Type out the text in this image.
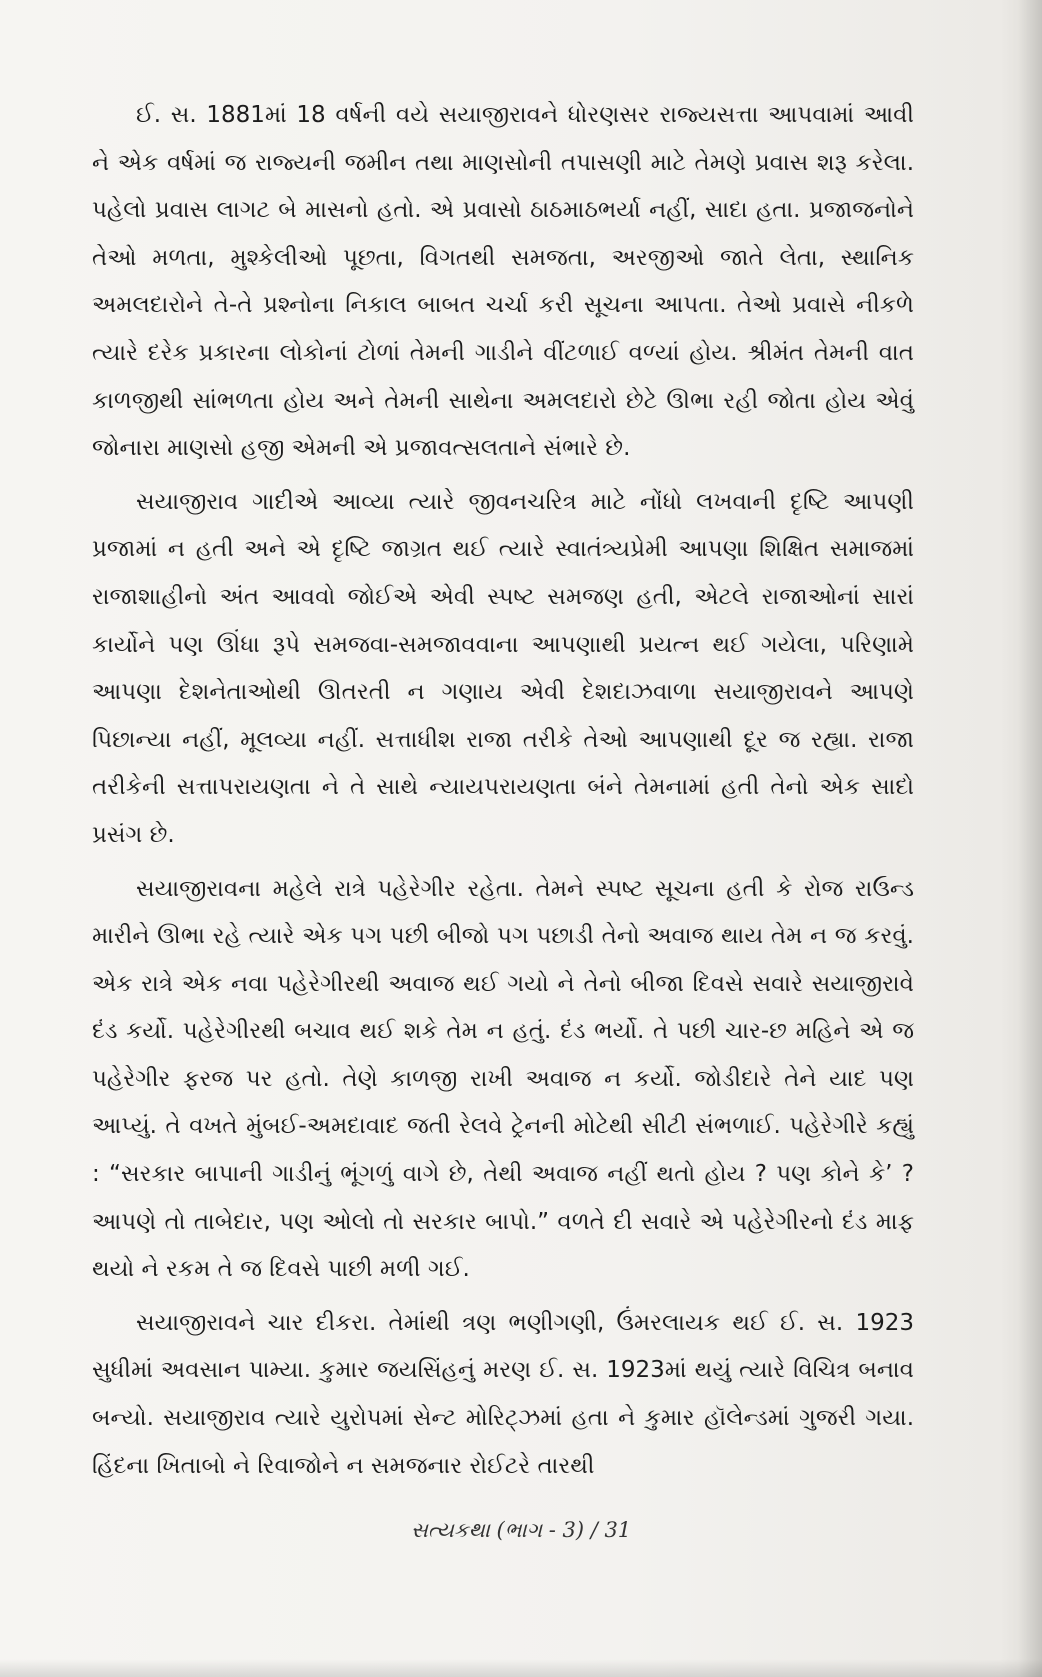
ઈ. સ. 1881માં 18 વર્ષની વયે સયાજીરાવને ધોરણસર રાજ્યસત્તા આપવામાં આવી ને એક વર્ષમાં જ રાજ્યની જમીન તથા માણસોની તપાસણી માટે તેમણે પ્રવાસ શરૂ કરેલા. પહેલો પ્રવાસ લાગટ બે માસનો હતો. એ પ્રવાસો ઠાઠમાઠભર્યા નહીં, સાદા હતા. પ્રજાજનોને તેઓ મળતા, મુશ્કેલીઓ પૂછતા, વિગતથી સમજતા, અરજીઓ જાતે લેતા, સ્થાનિક અમલદારોને તે-તે પ્રશ્નોના નિકાલ બાબત ચર્ચા કરી સૂચના આપતા. તેઓ પ્રવાસે નીકળે ત્યારે દરેક પ્રકારના લોકોનાં ટોળાં તેમની ગાડીને વીંટળાઈ વળ્યાં હોય. શ્રીમંત તેમની વાત કાળજીથી સાંભળતા હોય અને તેમની સાથેના અમલદારો છેટે ઊભા રહી જોતા હોય એવું જોનારા માણસો હજી એમની એ પ્રજાવત્સલતાને સંભારે છે.

સયાજીરાવ ગાદીએ આવ્યા ત્યારે જીવનચરિત્ર માટે નોંધો લખવાની દૃષ્ટિ આપણી પ્રજામાં ન હતી અને એ દૃષ્ટિ જાગ્રત થઈ ત્યારે સ્વાતંત્ર્યપ્રેમી આપણા શિક્ષિત સમાજમાં રાજાશાહીનો અંત આવવો જોઈએ એવી સ્પષ્ટ સમજણ હતી, એટલે રાજાઓનાં સારાં કાર્યોને પણ ઊંધા રૂપે સમજવા-સમજાવવાના આપણાથી પ્રયત્ન થઈ ગયેલા, પરિણામે આપણા દેશનેતાઓથી ઊતરતી ન ગણાય એવી દેશદાઝવાળા સયાજીરાવને આપણે પિછાન્યા નહીં, મૂલવ્યા નહીં. સત્તાધીશ રાજા તરીકે તેઓ આપણાથી દૂર જ રહ્યા. રાજા તરીકેની સત્તાપરાયણતા ને તે સાથે ન્યાયપરાયણતા બંને તેમનામાં હતી તેનો એક સાદો પ્રસંગ છે.

સયાજીરાવના મહેલે રાત્રે પહેરેગીર રહેતા. તેમને સ્પષ્ટ સૂચના હતી કે રોજ રાઉન્ડ મારીને ઊભા રહે ત્યારે એક પગ પછી બીજો પગ પછાડી તેનો અવાજ થાય તેમ ન જ કરવું. એક રાત્રે એક નવા પહેરેગીરથી અવાજ થઈ ગયો ને તેનો બીજા દિવસે સવારે સયાજીરાવે દંડ કર્યો. પહેરેગીરથી બચાવ થઈ શકે તેમ ન હતું. દંડ ભર્યો. તે પછી ચાર-છ મહિને એ જ પહેરેગીર ફરજ પર હતો. તેણે કાળજી રાખી અવાજ ન કર્યો. જોડીદારે તેને યાદ પણ આપ્યું. તે વખતે મુંબઈ-અમદાવાદ જતી રેલવે ટ્રેનની મોટેથી સીટી સંભળાઈ. પહેરેગીરે કહ્યું : “સરકાર બાપાની ગાડીનું ભૂંગળું વાગે છે, તેથી અવાજ નહીં થતો હોય ? પણ કોને કે’ ? આપણે તો તાબેદાર, પણ ઓલો તો સરકાર બાપો.” વળતે દી સવારે એ પહેરેગીરનો દંડ માફ થયો ને રકમ તે જ દિવસે પાછી મળી ગઈ.

સયાજીરાવને ચાર દીકરા. તેમાંથી ત્રણ ભણીગણી, ઉંમરલાયક થઈ ઈ. સ. 1923 સુધીમાં અવસાન પામ્યા. કુમાર જયસિંહનું મરણ ઈ. સ. 1923માં થયું ત્યારે વિચિત્ર બનાવ બન્યો. સયાજીરાવ ત્યારે યુરોપમાં સેન્ટ મોરિટ્ઝમાં હતા ને કુમાર હૉલેન્ડમાં ગુજરી ગયા. હિંદના ખિતાબો ને રિવાજોને ન સમજનાર રોઈટરે તારથી

સત્યકથા (ભાગ - 3) / 31
